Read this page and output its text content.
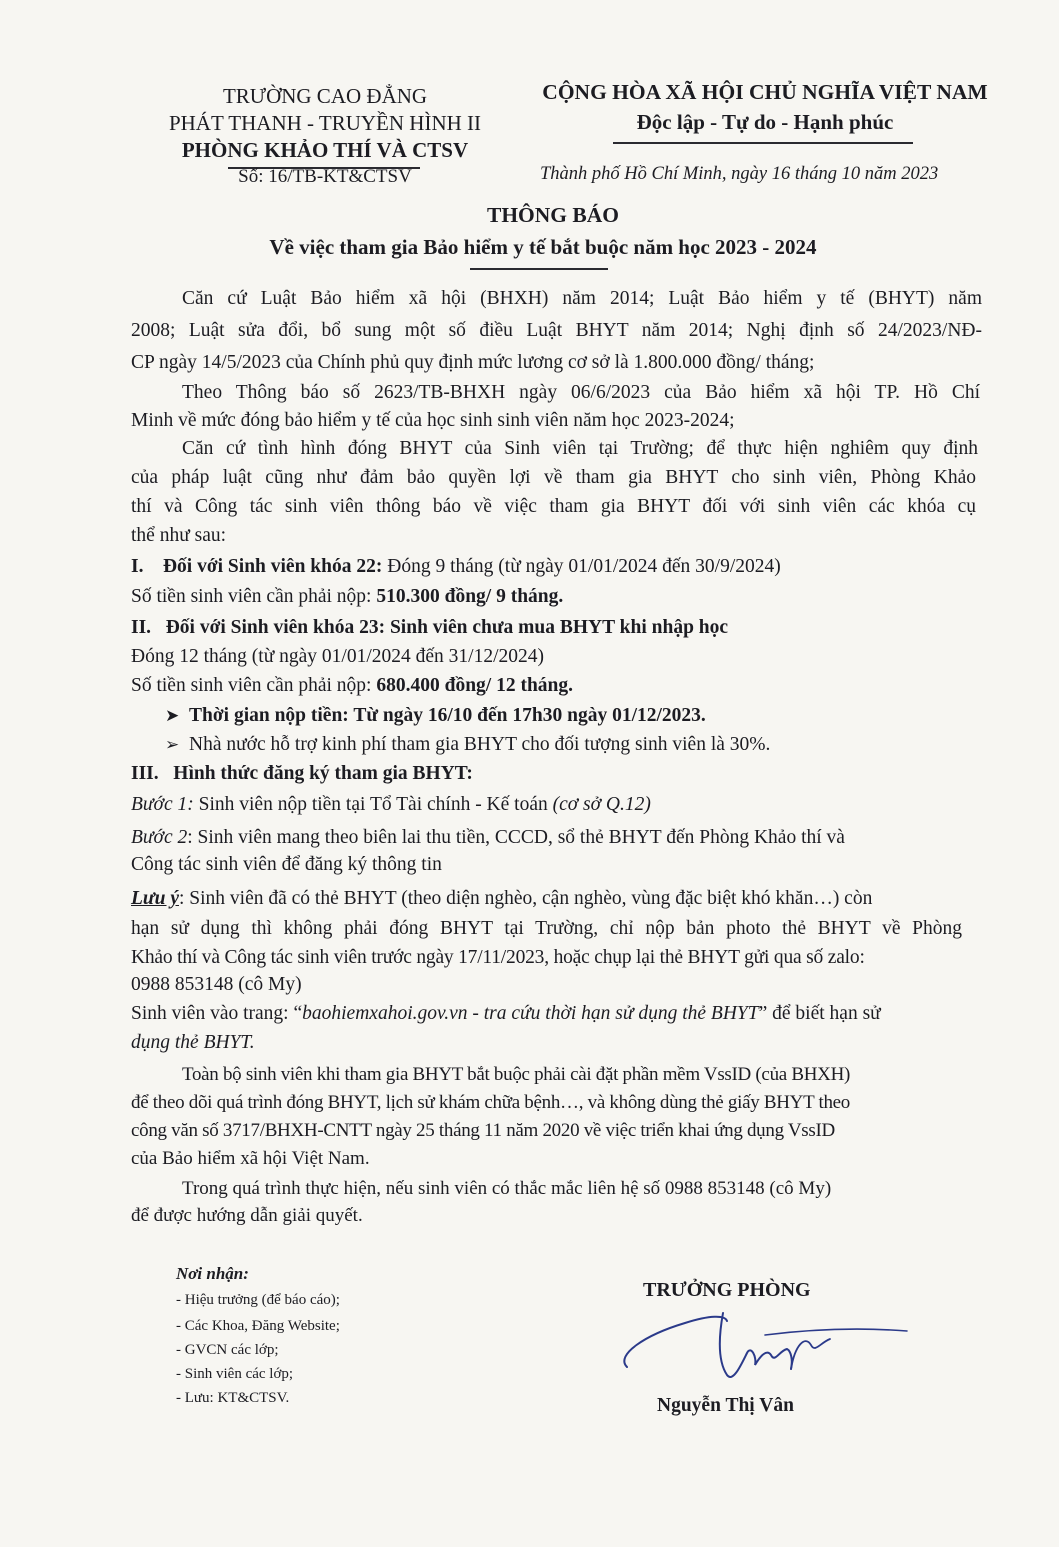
TRƯỜNG CAO ĐẲNG
PHÁT THANH - TRUYỀN HÌNH II
PHÒNG KHẢO THÍ VÀ CTSV
Số: 16/TB-KT&CTSV
CỘNG HÒA XÃ HỘI CHỦ NGHĨA VIỆT NAM
Độc lập - Tự do - Hạnh phúc
Thành phố Hồ Chí Minh, ngày 16 tháng 10 năm 2023
THÔNG BÁO
Về việc tham gia Bảo hiểm y tế bắt buộc năm học 2023 - 2024
Căn cứ Luật Bảo hiểm xã hội (BHXH) năm 2014; Luật Bảo hiểm y tế (BHYT) năm
2008; Luật sửa đổi, bổ sung một số điều Luật BHYT năm 2014; Nghị định số 24/2023/NĐ-
CP ngày 14/5/2023 của Chính phủ quy định mức lương cơ sở là 1.800.000 đồng/ tháng;
Theo Thông báo số 2623/TB-BHXH ngày 06/6/2023 của Bảo hiểm xã hội TP. Hồ Chí
Minh về mức đóng bảo hiểm y tế của học sinh sinh viên năm học 2023-2024;
Căn cứ tình hình đóng BHYT của Sinh viên tại Trường; để thực hiện nghiêm quy định
của pháp luật cũng như đảm bảo quyền lợi về tham gia BHYT cho sinh viên, Phòng Khảo
thí và Công tác sinh viên thông báo về việc tham gia BHYT đối với sinh viên các khóa cụ
thể như sau:
I. Đối với Sinh viên khóa 22: Đóng 9 tháng (từ ngày 01/01/2024 đến 30/9/2024)
Số tiền sinh viên cần phải nộp: 510.300 đồng/ 9 tháng.
II. Đối với Sinh viên khóa 23: Sinh viên chưa mua BHYT khi nhập học
Đóng 12 tháng (từ ngày 01/01/2024 đến 31/12/2024)
Số tiền sinh viên cần phải nộp: 680.400 đồng/ 12 tháng.
➤ Thời gian nộp tiền: Từ ngày 16/10 đến 17h30 ngày 01/12/2023.
➢ Nhà nước hỗ trợ kinh phí tham gia BHYT cho đối tượng sinh viên là 30%.
III. Hình thức đăng ký tham gia BHYT:
Bước 1: Sinh viên nộp tiền tại Tổ Tài chính - Kế toán (cơ sở Q.12)
Bước 2: Sinh viên mang theo biên lai thu tiền, CCCD, sổ thẻ BHYT đến Phòng Khảo thí và
Công tác sinh viên để đăng ký thông tin
Lưu ý: Sinh viên đã có thẻ BHYT (theo diện nghèo, cận nghèo, vùng đặc biệt khó khăn…) còn
hạn sử dụng thì không phải đóng BHYT tại Trường, chỉ nộp bản photo thẻ BHYT về Phòng
Khảo thí và Công tác sinh viên trước ngày 17/11/2023, hoặc chụp lại thẻ BHYT gửi qua số zalo:
0988 853148 (cô My)
Sinh viên vào trang: “baohiemxahoi.gov.vn - tra cứu thời hạn sử dụng thẻ BHYT” để biết hạn sử
dụng thẻ BHYT.
Toàn bộ sinh viên khi tham gia BHYT bắt buộc phải cài đặt phần mềm VssID (của BHXH)
để theo dõi quá trình đóng BHYT, lịch sử khám chữa bệnh…, và không dùng thẻ giấy BHYT theo
công văn số 3717/BHXH-CNTT ngày 25 tháng 11 năm 2020 về việc triển khai ứng dụng VssID
của Bảo hiểm xã hội Việt Nam.
Trong quá trình thực hiện, nếu sinh viên có thắc mắc liên hệ số 0988 853148 (cô My)
để được hướng dẫn giải quyết.
Nơi nhận:
- Hiệu trưởng (để báo cáo);
- Các Khoa, Đăng Website;
- GVCN các lớp;
- Sinh viên các lớp;
- Lưu: KT&CTSV.
TRƯỞNG PHÒNG
Nguyễn Thị Vân
